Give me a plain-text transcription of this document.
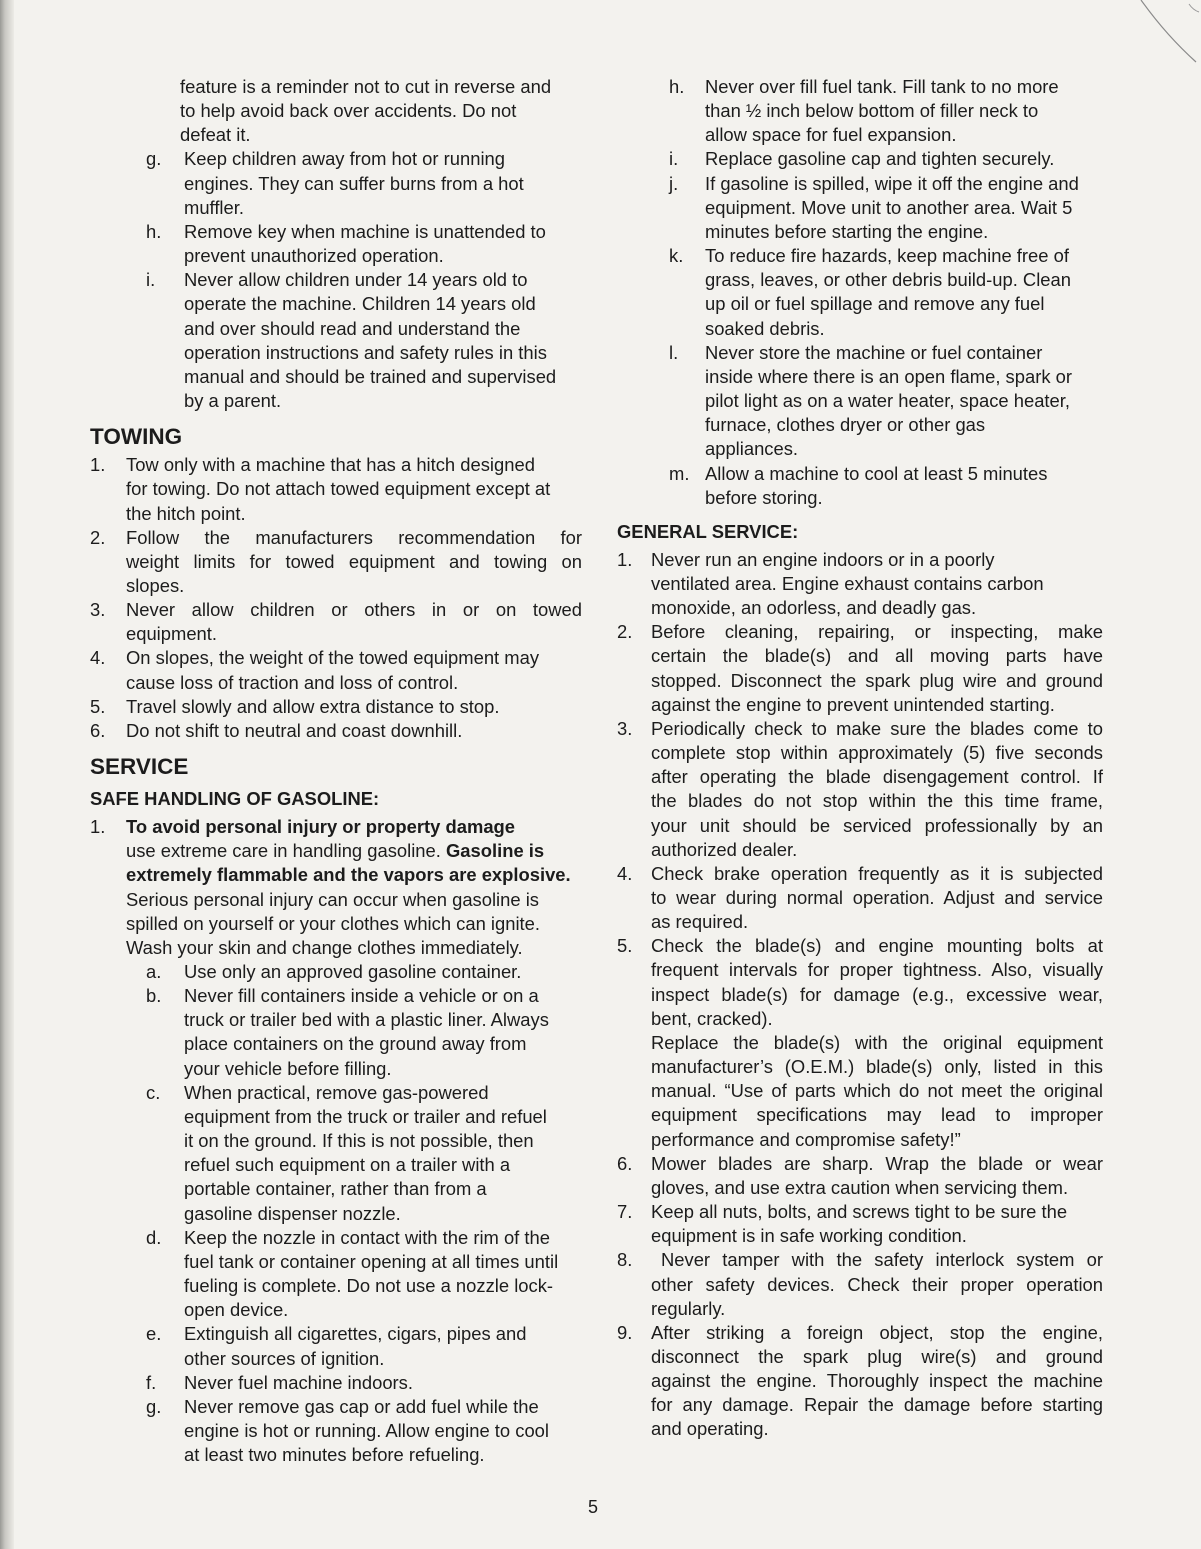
feature is a reminder not to cut in reverse and
to help avoid back over accidents. Do not
defeat it.
g. Keep children away from hot or running
engines. They can suffer burns from a hot
muffler.
h. Remove key when machine is unattended to
prevent unauthorized operation.
i. Never allow children under 14 years old to
operate the machine. Children 14 years old
and over should read and understand the
operation instructions and safety rules in this
manual and should be trained and supervised
by a parent.
TOWING
1. Tow only with a machine that has a hitch designed
for towing. Do not attach towed equipment except at
the hitch point.
2. Follow the manufacturers recommendation for
weight limits for towed equipment and towing on
slopes.
3. Never allow children or others in or on towed
equipment.
4. On slopes, the weight of the towed equipment may
cause loss of traction and loss of control.
5. Travel slowly and allow extra distance to stop.
6. Do not shift to neutral and coast downhill.
SERVICE
SAFE HANDLING OF GASOLINE:
1. To avoid personal injury or property damage
use extreme care in handling gasoline. Gasoline is
extremely flammable and the vapors are explosive.
Serious personal injury can occur when gasoline is
spilled on yourself or your clothes which can ignite.
Wash your skin and change clothes immediately.
a. Use only an approved gasoline container.
b. Never fill containers inside a vehicle or on a
truck or trailer bed with a plastic liner. Always
place containers on the ground away from
your vehicle before filling.
c. When practical, remove gas-powered
equipment from the truck or trailer and refuel
it on the ground. If this is not possible, then
refuel such equipment on a trailer with a
portable container, rather than from a
gasoline dispenser nozzle.
d. Keep the nozzle in contact with the rim of the
fuel tank or container opening at all times until
fueling is complete. Do not use a nozzle lock-
open device.
e. Extinguish all cigarettes, cigars, pipes and
other sources of ignition.
f. Never fuel machine indoors.
g. Never remove gas cap or add fuel while the
engine is hot or running. Allow engine to cool
at least two minutes before refueling.
h. Never over fill fuel tank. Fill tank to no more
than ½ inch below bottom of filler neck to
allow space for fuel expansion.
i. Replace gasoline cap and tighten securely.
j. If gasoline is spilled, wipe it off the engine and
equipment. Move unit to another area. Wait 5
minutes before starting the engine.
k. To reduce fire hazards, keep machine free of
grass, leaves, or other debris build-up. Clean
up oil or fuel spillage and remove any fuel
soaked debris.
l. Never store the machine or fuel container
inside where there is an open flame, spark or
pilot light as on a water heater, space heater,
furnace, clothes dryer or other gas
appliances.
m. Allow a machine to cool at least 5 minutes
before storing.
GENERAL SERVICE:
1. Never run an engine indoors or in a poorly
ventilated area. Engine exhaust contains carbon
monoxide, an odorless, and deadly gas.
2. Before cleaning, repairing, or inspecting, make
certain the blade(s) and all moving parts have
stopped. Disconnect the spark plug wire and ground
against the engine to prevent unintended starting.
3. Periodically check to make sure the blades come to
complete stop within approximately (5) five seconds
after operating the blade disengagement control. If
the blades do not stop within the this time frame,
your unit should be serviced professionally by an
authorized dealer.
4. Check brake operation frequently as it is subjected
to wear during normal operation. Adjust and service
as required.
5. Check the blade(s) and engine mounting bolts at
frequent intervals for proper tightness. Also, visually
inspect blade(s) for damage (e.g., excessive wear,
bent, cracked).
Replace the blade(s) with the original equipment
manufacturer’s (O.E.M.) blade(s) only, listed in this
manual. “Use of parts which do not meet the original
equipment specifications may lead to improper
performance and compromise safety!”
6. Mower blades are sharp. Wrap the blade or wear
gloves, and use extra caution when servicing them.
7. Keep all nuts, bolts, and screws tight to be sure the
equipment is in safe working condition.
8.	Never tamper with the safety interlock system or
other safety devices. Check their proper operation
regularly.
9. After striking a foreign object, stop the engine,
disconnect the spark plug wire(s) and ground
against the engine. Thoroughly inspect the machine
for any damage. Repair the damage before starting
and operating.
5
